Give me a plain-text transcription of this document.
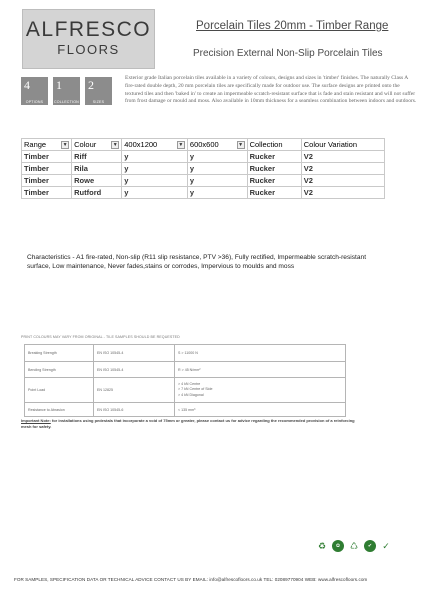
ALFRESCO
FLOORS
Porcelain Tiles 20mm - Timber Range
Precision External Non-Slip Porcelain Tiles
4
OPTIONS
1
COLLECTION
2
SIZES
Exterior grade Italian porcelain tiles available in a variety of colours, designs and sizes in 'timber' finishes. The naturally Class A fire-rated double depth, 20 mm porcelain tiles are specifically made for outdoor use. The surface designs are printed onto the textured tiles and then 'baked in' to create an impermeable scratch-resistant surface that is fade and stain resistant and will not suffer from frost damage or mould and moss. Also available in 10mm thickness for a seamless combination between indoors and outdoors.
Range ▼	Colour ▼	400x1200 ▼	600x600 ▼	Collection	Colour Variation
Timber	Riff	y	y	Rucker	V2
Timber	Rila	y	y	Rucker	V2
Timber	Rowe	y	y	Rucker	V2
Timber	Rutford	y	y	Rucker	V2
Characteristics - A1 fire-rated, Non-slip (R11 slip resistance, PTV >36), Fully rectified, Impermeable scratch-resistant surface, Low maintenance, Never fades,stains or corrodes, Impervious to moulds and moss
PRINT COLOURS MAY VARY FROM ORIGINAL - TILE SAMPLES SHOULD BE REQUESTED
Breaking Strength	EN ISO 10545-4	S > 11000 N
Bending Strength	EN ISO 10545-4	R > 45 N/mm²
Point Load	EN 12825	> 4 kN Centre
> 7 kN Centre of Side
> 4 kN Diagonal
Resistance to Abrasion	EN ISO 10545-6	< 135 mm³
Important Note: for installations using pedestals that incorporate a void of 75mm or greater, please contact us for advice regarding the recommended provision of a reinforcing mesh for safety.
♻	✿	♺	✔	✓
FOR SAMPLES, SPECIFICATION DATA OR TECHNICAL ADVICE CONTACT US BY EMAIL: info@alfrescofloors.co.uk TEL: 02089770904 WEB: www.alfrescofloors.com
